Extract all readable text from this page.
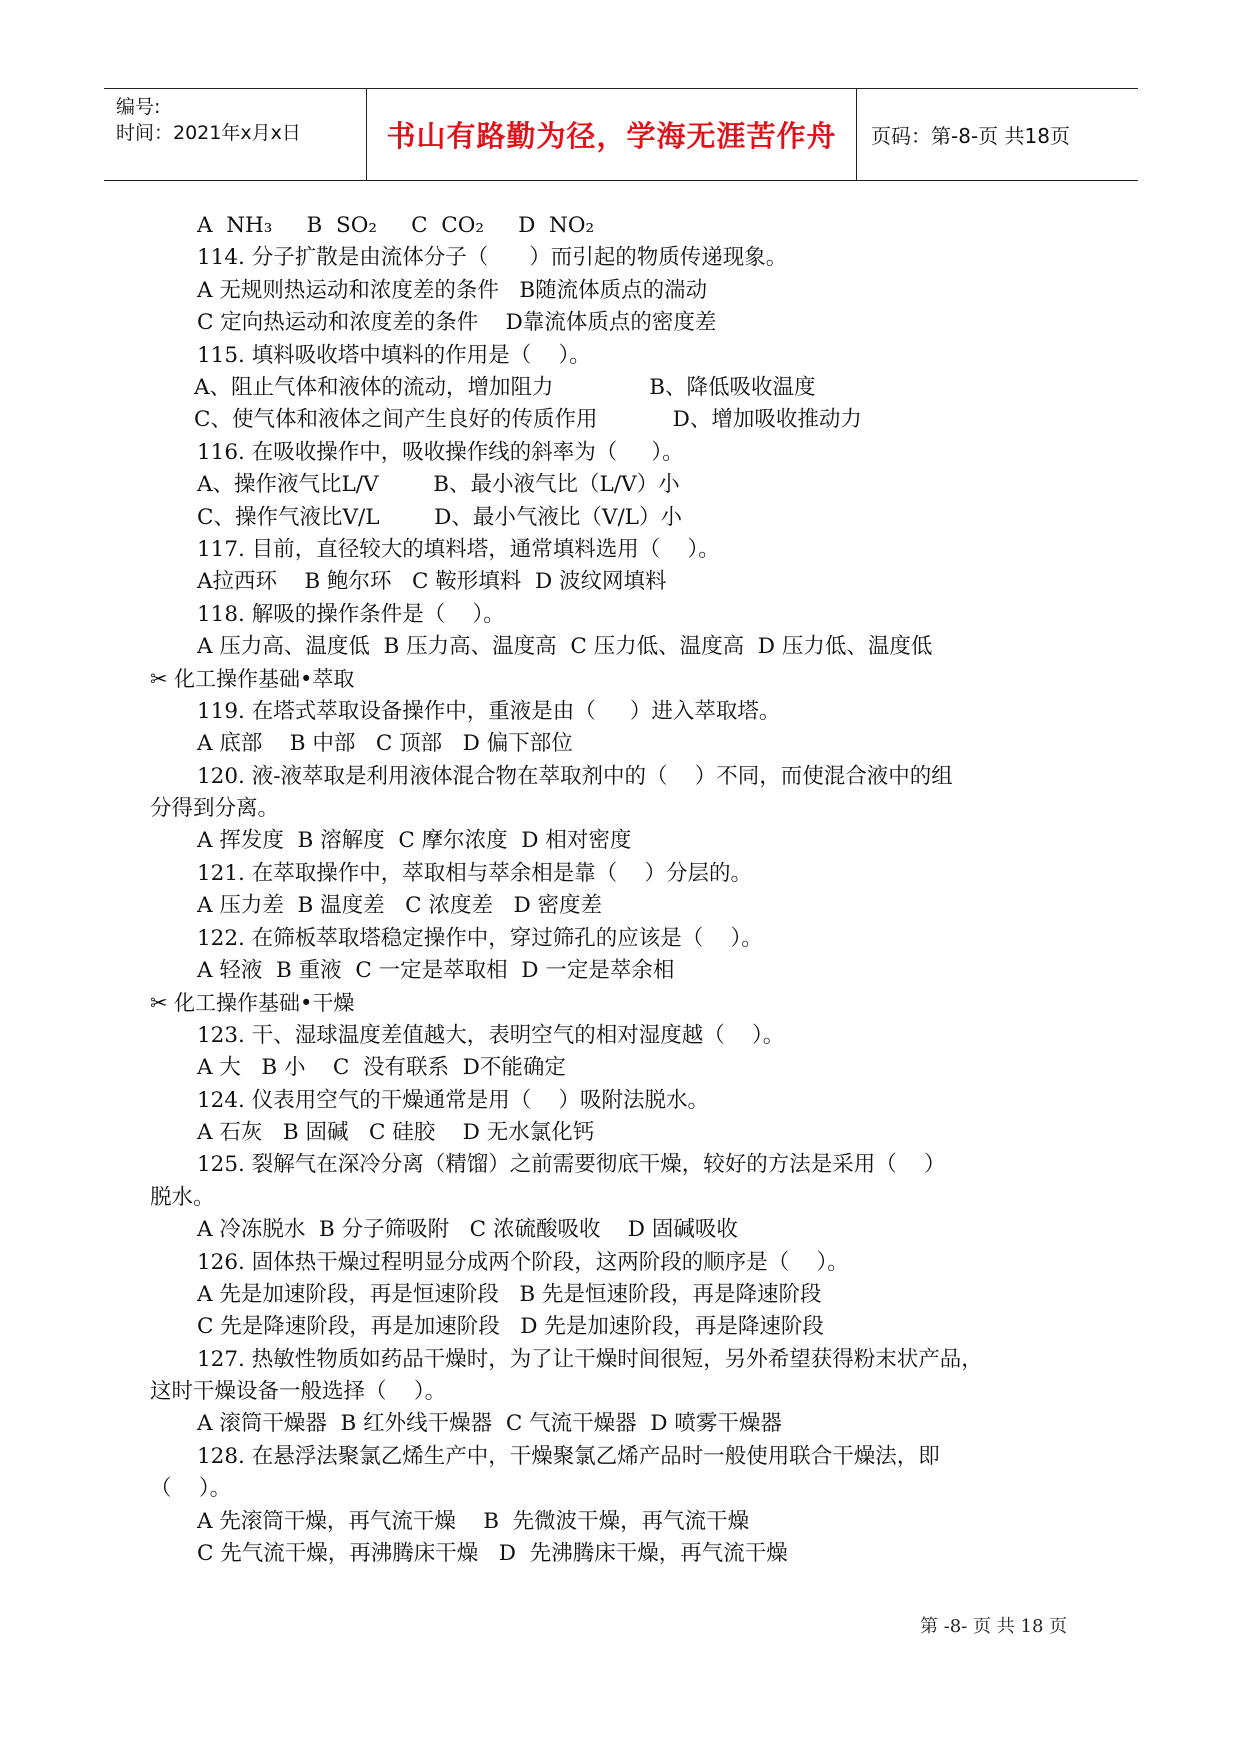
编号:
时间：2021年x月x日	书山有路勤为径，学海无涯苦作舟	页码：第-8-页 共18页
A  NH₃     B  SO₂     C  CO₂     D  NO₂
114. 分子扩散是由流体分子（      ）而引起的物质传递现象。
A 无规则热运动和浓度差的条件   B随流体质点的湍动
C 定向热运动和浓度差的条件    D靠流体质点的密度差
115. 填料吸收塔中填料的作用是（    ）。
A、阻止气体和液体的流动，增加阻力              B、降低吸收温度
C、使气体和液体之间产生良好的传质作用           D、增加吸收推动力
116. 在吸收操作中，吸收操作线的斜率为（     ）。
A、操作液气比L/V        B、最小液气比（L/V）小
C、操作气液比V/L        D、最小气液比（V/L）小
117. 目前，直径较大的填料塔，通常填料选用（    ）。
A拉西环    B 鲍尔环   C 鞍形填料  D 波纹网填料
118. 解吸的操作条件是（    ）。
A 压力高、温度低  B 压力高、温度高  C 压力低、温度高  D 压力低、温度低
✂ 化工操作基础•萃取
119. 在塔式萃取设备操作中，重液是由（     ）进入萃取塔。
A 底部    B 中部   C 顶部   D 偏下部位
120. 液-液萃取是利用液体混合物在萃取剂中的（    ）不同，而使混合液中的组
分得到分离。
A 挥发度  B 溶解度  C 摩尔浓度  D 相对密度
121. 在萃取操作中，萃取相与萃余相是靠（    ）分层的。
A 压力差  B 温度差   C 浓度差   D 密度差
122. 在筛板萃取塔稳定操作中，穿过筛孔的应该是（    ）。
A 轻液  B 重液  C 一定是萃取相  D 一定是萃余相
✂ 化工操作基础•干燥
123. 干、湿球温度差值越大，表明空气的相对湿度越（    ）。
A 大   B 小    C  没有联系  D不能确定
124. 仪表用空气的干燥通常是用（    ）吸附法脱水。
A 石灰   B 固碱   C 硅胶    D 无水氯化钙
125. 裂解气在深冷分离（精馏）之前需要彻底干燥，较好的方法是采用（    ）
脱水。
A 冷冻脱水  B 分子筛吸附   C 浓硫酸吸收    D 固碱吸收
126. 固体热干燥过程明显分成两个阶段，这两阶段的顺序是（    ）。
A 先是加速阶段，再是恒速阶段   B 先是恒速阶段，再是降速阶段
C 先是降速阶段，再是加速阶段   D 先是加速阶段，再是降速阶段
127. 热敏性物质如药品干燥时，为了让干燥时间很短，另外希望获得粉末状产品，
这时干燥设备一般选择（    ）。
A 滚筒干燥器  B 红外线干燥器  C 气流干燥器  D 喷雾干燥器
128. 在悬浮法聚氯乙烯生产中，干燥聚氯乙烯产品时一般使用联合干燥法，即
（    ）。
A 先滚筒干燥，再气流干燥    B  先微波干燥，再气流干燥
C 先气流干燥，再沸腾床干燥   D  先沸腾床干燥，再气流干燥
第 -8- 页 共 18 页
